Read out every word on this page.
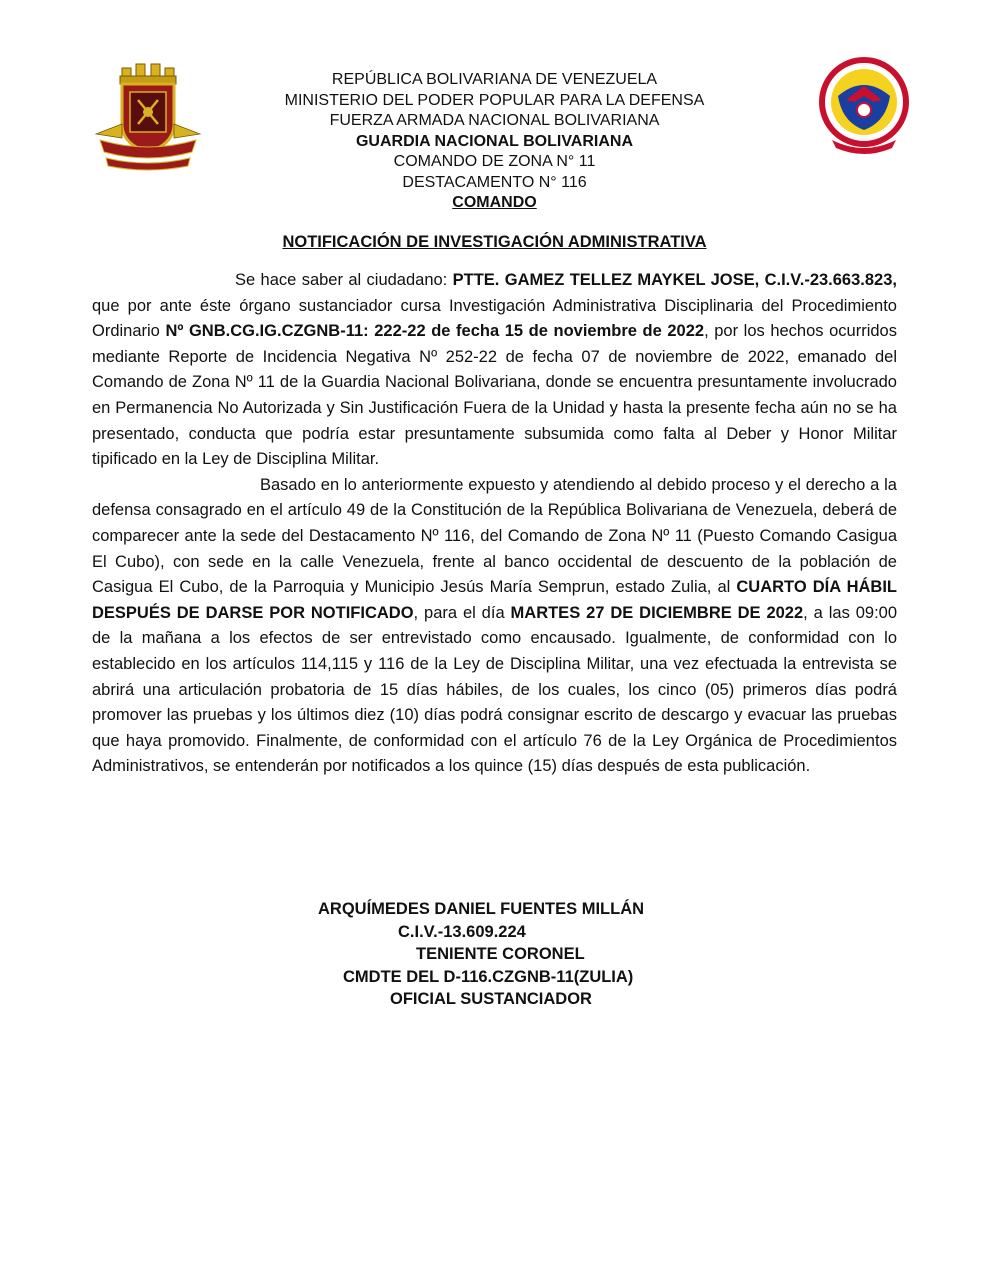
REPÚBLICA BOLIVARIANA DE VENEZUELA
MINISTERIO DEL PODER POPULAR PARA LA DEFENSA
FUERZA ARMADA NACIONAL BOLIVARIANA
GUARDIA NACIONAL BOLIVARIANA
COMANDO DE ZONA N° 11
DESTACAMENTO N° 116
COMANDO
NOTIFICACIÓN DE INVESTIGACIÓN ADMINISTRATIVA

Se hace saber al ciudadano: PTTE. GAMEZ TELLEZ MAYKEL JOSE, C.I.V.-23.663.823, que por ante éste órgano sustanciador cursa Investigación Administrativa Disciplinaria del Procedimiento Ordinario Nº GNB.CG.IG.CZGNB-11: 222-22 de fecha 15 de noviembre de 2022, por los hechos ocurridos mediante Reporte de Incidencia Negativa Nº 252-22 de fecha 07 de noviembre de 2022, emanado del Comando de Zona Nº 11 de la Guardia Nacional Bolivariana, donde se encuentra presuntamente involucrado en Permanencia No Autorizada y Sin Justificación Fuera de la Unidad y hasta la presente fecha aún no se ha presentado, conducta que podría estar presuntamente subsumida como falta al Deber y Honor Militar tipificado en la Ley de Disciplina Militar.

Basado en lo anteriormente expuesto y atendiendo al debido proceso y el derecho a la defensa consagrado en el artículo 49 de la Constitución de la República Bolivariana de Venezuela, deberá de comparecer ante la sede del Destacamento Nº 116, del Comando de Zona Nº 11 (Puesto Comando Casigua El Cubo), con sede en la calle Venezuela, frente al banco occidental de descuento de la población de Casigua El Cubo, de la Parroquia y Municipio Jesús María Semprun, estado Zulia, al CUARTO DÍA HÁBIL DESPUÉS DE DARSE POR NOTIFICADO, para el día MARTES 27 DE DICIEMBRE DE 2022, a las 09:00 de la mañana a los efectos de ser entrevistado como encausado. Igualmente, de conformidad con lo establecido en los artículos 114,115 y 116 de la Ley de Disciplina Militar, una vez efectuada la entrevista se abrirá una articulación probatoria de 15 días hábiles, de los cuales, los cinco (05) primeros días podrá promover las pruebas y los últimos diez (10) días podrá consignar escrito de descargo y evacuar las pruebas que haya promovido. Finalmente, de conformidad con el artículo 76 de la Ley Orgánica de Procedimientos Administrativos, se entenderán por notificados a los quince (15) días después de esta publicación.

ARQUÍMEDES DANIEL FUENTES MILLÁN
C.I.V.-13.609.224
TENIENTE CORONEL
CMDTE DEL D-116.CZGNB-11(ZULIA)
OFICIAL SUSTANCIADOR
